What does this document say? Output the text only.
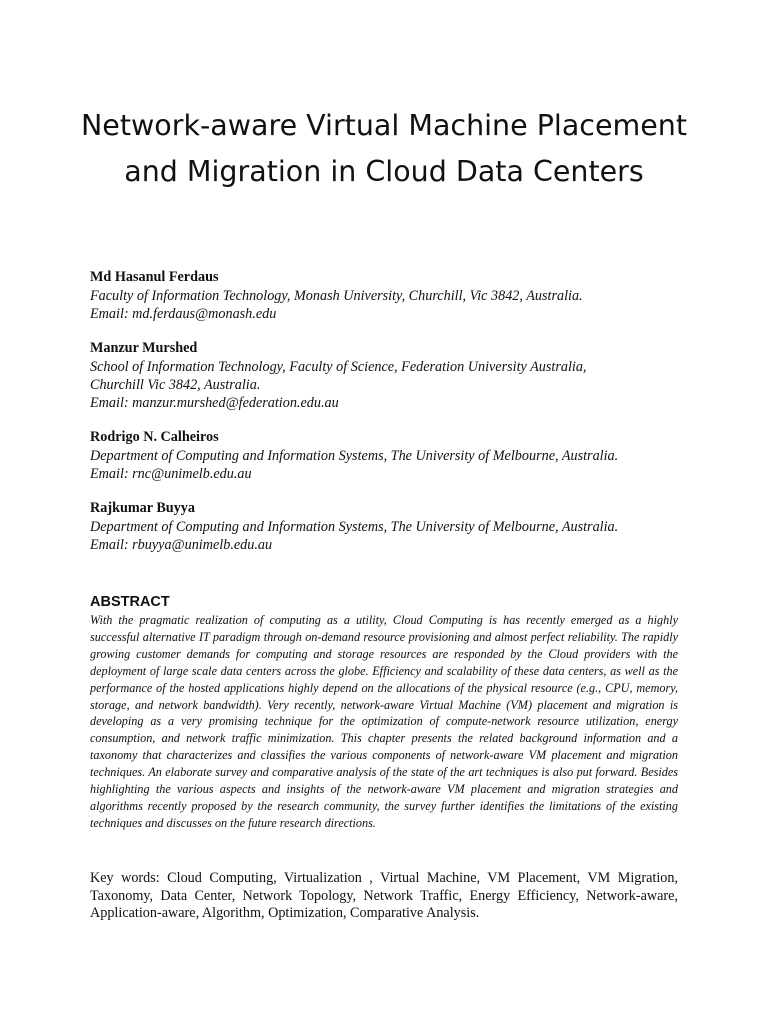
Network-aware Virtual Machine Placement and Migration in Cloud Data Centers
Md Hasanul Ferdaus
Faculty of Information Technology, Monash University, Churchill, Vic 3842, Australia.
Email: md.ferdaus@monash.edu
Manzur Murshed
School of Information Technology, Faculty of Science, Federation University Australia,
Churchill Vic 3842, Australia.
Email: manzur.murshed@federation.edu.au
Rodrigo N. Calheiros
Department of Computing and Information Systems, The University of Melbourne, Australia.
Email: rnc@unimelb.edu.au
Rajkumar Buyya
Department of Computing and Information Systems, The University of Melbourne, Australia.
Email: rbuyya@unimelb.edu.au
ABSTRACT

With the pragmatic realization of computing as a utility, Cloud Computing is has recently emerged as a highly successful alternative IT paradigm through on-demand resource provisioning and almost perfect reliability. The rapidly growing customer demands for computing and storage resources are responded by the Cloud providers with the deployment of large scale data centers across the globe. Efficiency and scalability of these data centers, as well as the performance of the hosted applications highly depend on the allocations of the physical resource (e.g., CPU, memory, storage, and network bandwidth). Very recently, network-aware Virtual Machine (VM) placement and migration is developing as a very promising technique for the optimization of compute-network resource utilization, energy consumption, and network traffic minimization. This chapter presents the related background information and a taxonomy that characterizes and classifies the various components of network-aware VM placement and migration techniques. An elaborate survey and comparative analysis of the state of the art techniques is also put forward. Besides highlighting the various aspects and insights of the network-aware VM placement and migration strategies and algorithms recently proposed by the research community, the survey further identifies the limitations of the existing techniques and discusses on the future research directions.

Key words: Cloud Computing, Virtualization , Virtual Machine, VM Placement, VM Migration, Taxonomy, Data Center, Network Topology, Network Traffic, Energy Efficiency, Network-aware, Application-aware, Algorithm, Optimization, Comparative Analysis.
